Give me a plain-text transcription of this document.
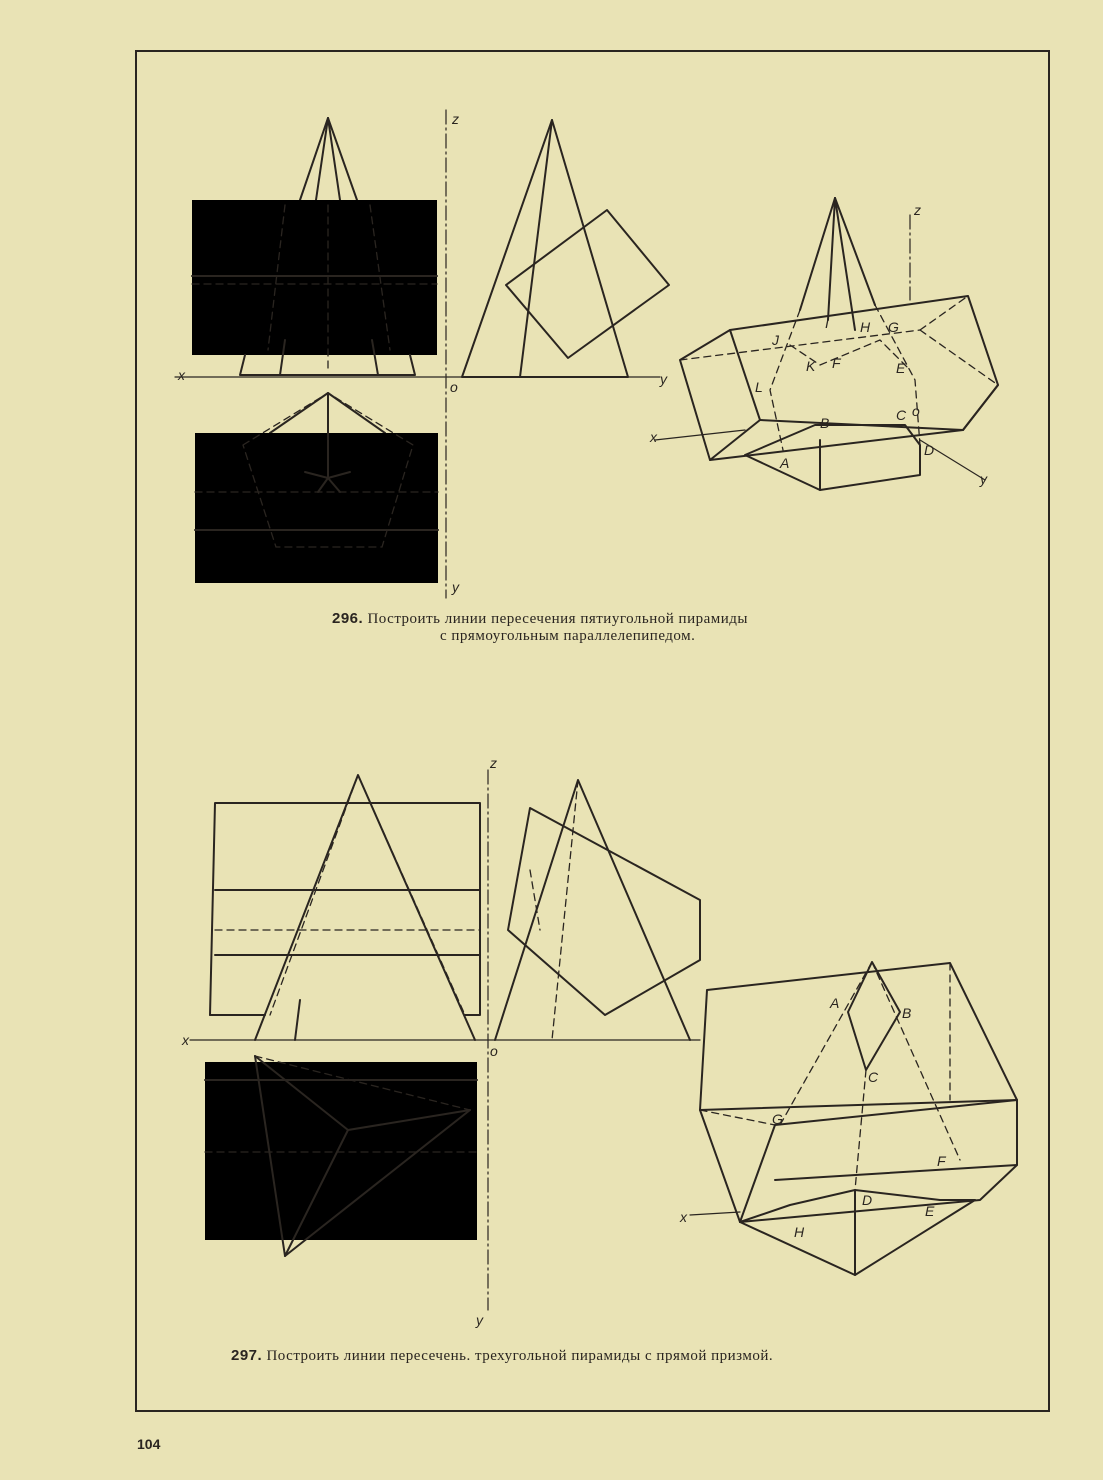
z
x
o	y
y
z
x
y
J
I H G
K F	E
L
B	C o
A
D
z
x
o
y
x
A
B
C
G
F
D
E
H
296. Построить линии пересечения пятиугольной пирамиды
с прямоугольным параллелепипедом.
297. Построить линии пересечень. трехугольной пирамиды с прямой призмой.
104
